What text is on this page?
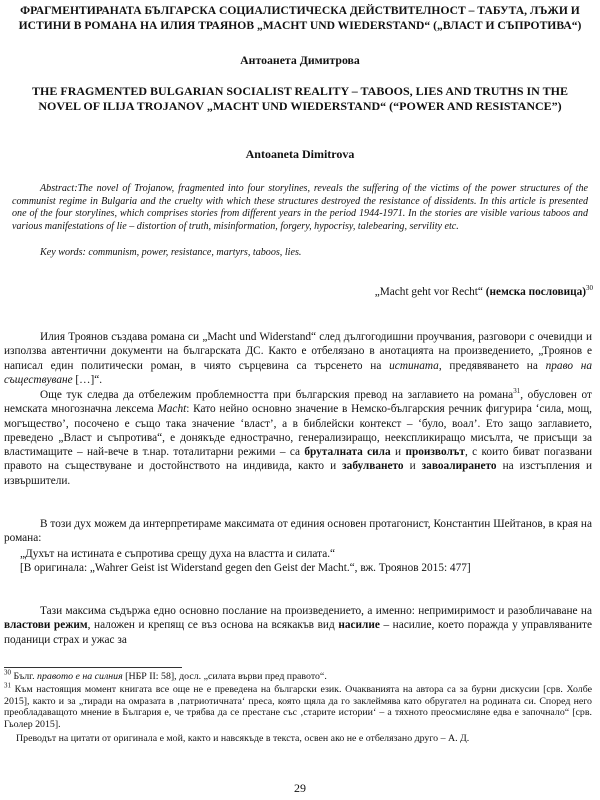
ФРАГМЕНТИРАНАТА БЪЛГАРСКА СОЦИАЛИСТИЧЕСКА ДЕЙСТВИТЕЛНОСТ – ТАБУТА, ЛЪЖИ И ИСТИНИ В РОМАНА НА ИЛИЯ ТРАЯНОВ „MACHT UND WIEDERSTAND“ („ВЛАСТ И СЪПРОТИВА“)
Антоанета Димитрова
THE FRAGMENTED BULGARIAN SOCIALIST REALITY – TABOOS, LIES AND TRUTHS IN THE NOVEL OF ILIJA TROJANOV „MACHT UND WIEDERSTAND“ (“POWER AND RESISTANCE”)
Antoaneta Dimitrova
Abstract:The novel of Trojanow, fragmented into four storylines, reveals the suffering of the victims of the power structures of the communist regime in Bulgaria and the cruelty with which these structures destroyed the resistance of dissidents. In this article is presented one of the four storylines, which comprises stories from different years in the period 1944-1971. In the stories are visible various taboos and various manifestations of lie – distortion of truth, misinformation, forgery, hypocrisy, talebearing, servility etc.
Key words: communism, power, resistance, martyrs, taboos, lies.
„Macht geht vor Recht“ (немска пословица)$^{30}$
Илия Троянов създава романа си „Macht und Widerstand“ след дългогодишни проучвания, разговори с очевидци и използва автентични документи на българската ДС. Както е отбелязано в анотацията на произведението, „Троянов е написал един политически роман, в чиято сърцевина са търсенето на истината, предявяването на право на съществуване […]“.
Още тук следва да отбележим проблемността при българския превод на заглавието на романа$^{31}$, обусловен от немската многозначна лексема Macht: Като нейно основно значение в Немско-българския речник фигурира ‘сила, мощ, могъщество’, посочено е също така значение ‘власт’, а в библейски контекст – ‘було, воал’. Ето защо заглавието, преведено „Власт и съпротива“, е донякъде еднострачно, генерализиращо, неекспликиращо мисълта, че присъщи за властимащите – най-вече в т.нар. тоталитарни режими – са бруталната сила и произволът, с които биват погазвани правото на съществуване и достойнството на индивида, както и забулването и завоалирането на изстъпления и извършители.
В този дух можем да интерпретираме максимата от единия основен протагонист, Константин Шейтанов, в края на романа:
„Духът на истината е съпротива срещу духа на властта и силата.“
[В оригинала: „Wahrer Geist ist Widerstand gegen den Geist der Macht.“, вж. Троянов 2015: 477]
Тази максима съдържа едно основно послание на произведението, а именно: непримиримост и разобличаване на властови режим, наложен и крепящ се въз основа на всякакъв вид насилие – насилие, което поражда у управляваните поданици страх и ужас за
$^{30}$ Бълг. правото е на силния [НБР II: 58], досл. „силата върви пред правото“.
$^{31}$ Към настоящия момент книгата все още не е преведена на български език. Очакванията на автора са за бурни дискусии [срв. Холбе 2015], както и за „тиради на омразата в ‚патриотичната‘ преса, която щяла да го заклеймява като обругател на родината си. Според него преобладаващото мнение в България е, че трябва да се престане със ‚старите истории‘ – а тяхното преосмисляне едва е започнало“ [срв. Гьолер 2015].
Преводът на цитати от оригинала е мой, както и навсякъде в текста, освен ако не е отбелязано друго – А. Д.
29
